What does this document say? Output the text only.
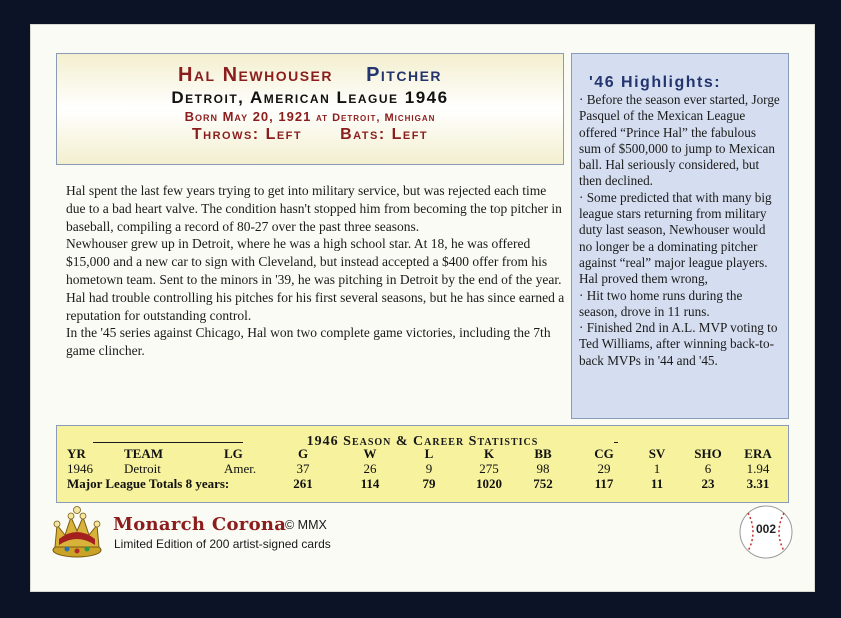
Hal Newhouser Pitcher
Detroit, American League 1946
Born May 20, 1921 at Detroit, Michigan
Throws: Left Bats: Left

Hal spent the last few years trying to get into military service, but was rejected each time due to a bad heart valve. The condition hasn't stopped him from becoming the top pitcher in baseball, compiling a record of 80-27 over the past three seasons.

Newhouser grew up in Detroit, where he was a high school star. At 18, he was offered $15,000 and a new car to sign with Cleveland, but instead accepted a $400 offer from his hometown team. Sent to the minors in '39, he was pitching in Detroit by the end of the year.

Hal had trouble controlling his pitches for his first several seasons, but he has since earned a reputation for outstanding control.

In the '45 series against Chicago, Hal won two complete game victories, including the 7th game clincher.

'46 Highlights:

· Before the season ever started, Jorge Pasquel of the Mexican League offered “Prince Hal” the fabulous sum of $500,000 to jump to Mexican ball. Hal seriously considered, but then declined.

· Some predicted that with many big league stars returning from military duty last season, Newhouser would no longer be a dominating pitcher against “real” major league players. Hal proved them wrong,

· Hit two home runs during the season, drove in 11 runs.

· Finished 2nd in A.L. MVP voting to Ted Williams, after winning back-to-back MVPs in '44 and '45.

1946 Season & Career Statistics
YR	TEAM	LG	G	W	L	K	BB	CG	SV SHO ERA
1946 Detroit	Amer.	37	26	9	275	98	29	1	6	1.94
Major League Totals 8 years:	261	114	79	1020 752	117	11	23 3.31
Monarch Corona
© MMX
Limited Edition of 200 artist-signed cards
002
